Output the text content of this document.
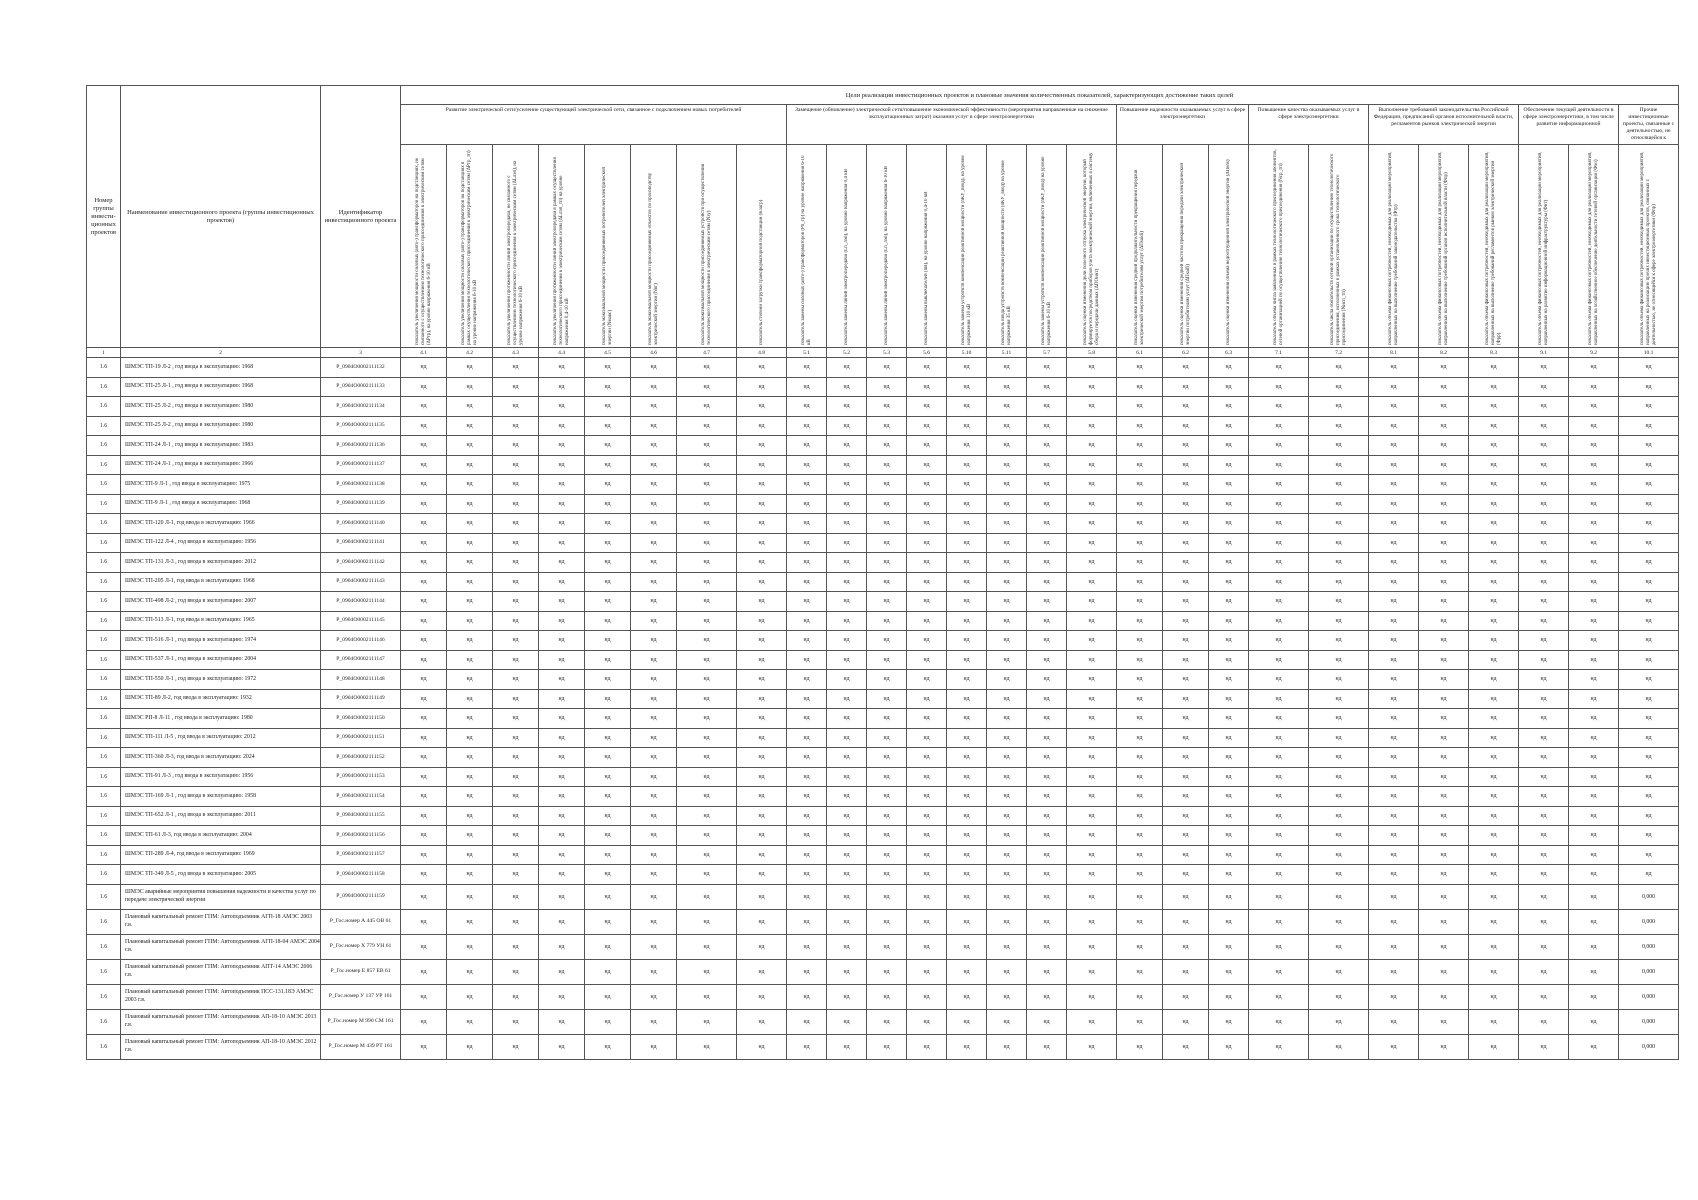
Номер группы инвести-ционных проектов	Наименование инвестиционного проекта (группы инвестиционных проектов)	Идентификатор инвестиционного проекта	Цели реализации инвестиционных проектов и плановые значения количественных показателей, характеризующих достижение таких целей																										
			Развитие электрической сети/усиление существующей электрической сети, связанное с подключением новых потребителей								Замещение (обновление) электрической сети/повышение экономической эффективности (мероприятия направленные на снижение эксплуатационных затрат) оказания услуг в сфере электроэнергетики								Повышение надежности оказываемых услуг в сфере электроэнергетики			Повышение качества оказываемых услуг в сфере электроэнергетики		Выполнение требований законодательства Российской Федерации, предписаний органов исполнительной власти, регламентов рынков электрической энергии			Обеспечение текущей деятельности в сфере электроэнергетики, в том числе развитие информационной		Прочие инвестиционные проекты, связанные с деятельностью, не относящейся к

			показатель увеличения мощности силовых (авто-) трансформаторов на подстанциях, не связанного с осуществлением технологического присоединения к электрическим сетям (ΔPтр), на уровне напряжения 6-10 кВ	показатель увеличения мощности силовых (авто-) трансформаторов на подстанциях в рамках осуществления технологического присоединения к электрическим сетям (ΔPтр_тп) на уровне напряжения 6-10 кВ	показатель увеличения протяженности линий электропередачи, не связанного с осуществлением технологического присоединения к электрическим сетям (ΔLлэп), на уровне напряжения 6-10 кВ	показатель увеличения протяженности линий электропередачи в рамках осуществления технологического присоединения к электрическим сетям (ΔLлэп_тп) на уровне напряжения 0,4-10 кВ	показатель максимальной мощности присоединяемых потребителей электрической энергии (Nмакс)	показатель максимальной мощности присоединяемых объектов по производству электрической энергии (Nвг)	показатель максимальной мощности присоединяемых устройств при осуществлении технологического присоединения к электрическим сетям (Nзу)	показатель степени загрузки трансформаторной подстанции (Kзагр)	показатель замены силовых (авто-) трансформаторов (Pn_тр) на уровне напряжения 6-10 кВ	показатель замены линий электропередачи (Ln_лэп), на уровне напряжения 0,4 кВ	показатель замены линий электропередачи (Ln_лэп), на уровне напряжения 6-10 кВ	показатель замены выключателей (nВ), на уровне напряжения 0,4-10 кВ	показатель замены устройств компенсации реактивной мощности (nКУ_ввод), на уровне напряжения 110 кВ	показатель ввода устройств компенсации реактивной мощности (nКУ_ввод) на уровне напряжения 35 кВ	показатель замены устройств компенсации реактивной мощности (nКУ_ввод) на уровне напряжения 6-10 кВ	показатель оценки изменения доли полезного отпуска электрической энергии, который формируется посредством приборов учета электрической энергии, включенных в систему сбора и передачи данных (ΔПОинт)	показатель оценки изменения средней продолжительности прекращения передачи электрической энергии потребителям услуг (ΔПsaidi)	показатель оценки изменения средней частоты прекращения передачи электрической энергии потребителям услуг (ΔПsaifi)	показатель оценки изменения объема недоотпущенной электрической энергии (ΔПens)	показатель объема числа заявленных в рамках технологического присоединения абонентов, сетевой организацией по осуществлению технологического присоединения (Nср_тп)	показатель числа обязательств сетевой организации по осуществлению технологического присоединения, исполненных в рамках установленного срока технологического присоединения (Nисп_тп)	показатель объема финансовых потребностей, необходимых для реализации мероприятий, направленных на выполнение требований законодательства (Фтр)	показатель объема финансовых потребностей, необходимых для реализации мероприятий, направленных на выполнение требований органов исполнительной власти (Фпр)	показатель объема финансовых потребностей, необходимых для реализации мероприятий, направленных на выполнение требований регламентов рынков электрической энергии (Фрр)	показатель объема финансовых потребностей, необходимых для реализации мероприятий, направленных на развитие информационной инфраструктуры (Фит)	показатель объема финансовых потребностей, необходимых для реализации мероприятий, направленных на хозяйственное обеспечение деятельности сетевой организации (Фхо)	показатель объема финансовых потребностей, необходимых для реализации мероприятий, направленных на реализацию прочих инвестиционных проектов, связанных с деятельностью, не относящейся к сфере электроэнергетики (Фпр)

1	2	3	4.1	4.2	4.3	4.4	4.5	4.6	4.7	4.8	5.1	5.2	5.3	5.6	5.10	5.11	5.7	5.8	6.1	6.2	6.3	7.1	7.2	8.1	8.2	8.3	9.1	9.2	10.1
1.6	ШМЭС ТП-19 Л-2 , год ввода в эксплуатацию: 1968	P_0904O0002111132	нд	нд	нд	нд	нд	нд	нд	нд	нд	нд	нд	нд	нд	нд	нд	нд	нд	нд	нд	нд	нд	нд	нд	нд	нд	нд	нд
1.6	ШМЭС ТП-25 Л-1 , год ввода в эксплуатацию: 1968	P_0904O0002111133	нд	нд	нд	нд	нд	нд	нд	нд	нд	нд	нд	нд	нд	нд	нд	нд	нд	нд	нд	нд	нд	нд	нд	нд	нд	нд	нд
1.6	ШМЭС ТП-25 Л-2 , год ввода в эксплуатацию: 1980	P_0904O0002111134	нд	нд	нд	нд	нд	нд	нд	нд	нд	нд	нд	нд	нд	нд	нд	нд	нд	нд	нд	нд	нд	нд	нд	нд	нд	нд	нд
1.6	ШМЭС ТП-25 Л-2 , год ввода в эксплуатацию: 1980	P_0904O0002111135	нд	нд	нд	нд	нд	нд	нд	нд	нд	нд	нд	нд	нд	нд	нд	нд	нд	нд	нд	нд	нд	нд	нд	нд	нд	нд	нд
1.6	ШМЭС ТП-24 Л-1 , год ввода в эксплуатацию: 1983	P_0904O0002111136	нд	нд	нд	нд	нд	нд	нд	нд	нд	нд	нд	нд	нд	нд	нд	нд	нд	нд	нд	нд	нд	нд	нд	нд	нд	нд	нд
1.6	ШМЭС ТП-24 Л-1 , год ввода в эксплуатацию: 1966	P_0904O0002111137	нд	нд	нд	нд	нд	нд	нд	нд	нд	нд	нд	нд	нд	нд	нд	нд	нд	нд	нд	нд	нд	нд	нд	нд	нд	нд	нд
1.6	ШМЭС ТП-9 Л-1 , год ввода в эксплуатацию: 1975	P_0904O0002111138	нд	нд	нд	нд	нд	нд	нд	нд	нд	нд	нд	нд	нд	нд	нд	нд	нд	нд	нд	нд	нд	нд	нд	нд	нд	нд	нд
1.6	ШМЭС ТП-9 Л-1 , год ввода в эксплуатацию: 1968	P_0904O0002111139	нд	нд	нд	нд	нд	нд	нд	нд	нд	нд	нд	нд	нд	нд	нд	нд	нд	нд	нд	нд	нд	нд	нд	нд	нд	нд	нд
1.6	ШМЭС ТП-120 Л-1, год ввода в эксплуатацию: 1966	P_0904O0002111140	нд	нд	нд	нд	нд	нд	нд	нд	нд	нд	нд	нд	нд	нд	нд	нд	нд	нд	нд	нд	нд	нд	нд	нд	нд	нд	нд
1.6	ШМЭС ТП-122 Л-4 , год ввода в эксплуатацию: 1956	P_0904O0002111141	нд	нд	нд	нд	нд	нд	нд	нд	нд	нд	нд	нд	нд	нд	нд	нд	нд	нд	нд	нд	нд	нд	нд	нд	нд	нд	нд
1.6	ШМЭС ТП-131 Л-3 , год ввода в эксплуатацию: 2012	P_0904O0002111142	нд	нд	нд	нд	нд	нд	нд	нд	нд	нд	нд	нд	нд	нд	нд	нд	нд	нд	нд	нд	нд	нд	нд	нд	нд	нд	нд
1.6	ШМЭС ТП-205 Л-1, год ввода в эксплуатацию: 1968	P_0904O0002111143	нд	нд	нд	нд	нд	нд	нд	нд	нд	нд	нд	нд	нд	нд	нд	нд	нд	нд	нд	нд	нд	нд	нд	нд	нд	нд	нд
1.6	ШМЭС ТП-498 Л-2 , год ввода в эксплуатацию: 2007	P_0904O0002111144	нд	нд	нд	нд	нд	нд	нд	нд	нд	нд	нд	нд	нд	нд	нд	нд	нд	нд	нд	нд	нд	нд	нд	нд	нд	нд	нд
1.6	ШМЭС ТП-513 Л-1, год ввода в эксплуатацию: 1965	P_0904O0002111145	нд	нд	нд	нд	нд	нд	нд	нд	нд	нд	нд	нд	нд	нд	нд	нд	нд	нд	нд	нд	нд	нд	нд	нд	нд	нд	нд
1.6	ШМЭС ТП-516 Л-1 , год ввода в эксплуатацию: 1974	P_0904O0002111146	нд	нд	нд	нд	нд	нд	нд	нд	нд	нд	нд	нд	нд	нд	нд	нд	нд	нд	нд	нд	нд	нд	нд	нд	нд	нд	нд
1.6	ШМЭС ТП-537 Л-1 , год ввода в эксплуатацию: 2004	P_0904O0002111147	нд	нд	нд	нд	нд	нд	нд	нд	нд	нд	нд	нд	нд	нд	нд	нд	нд	нд	нд	нд	нд	нд	нд	нд	нд	нд	нд
1.6	ШМЭС ТП-550 Л-1 , год ввода в эксплуатацию: 1972	P_0904O0002111148	нд	нд	нд	нд	нд	нд	нд	нд	нд	нд	нд	нд	нд	нд	нд	нд	нд	нд	нд	нд	нд	нд	нд	нд	нд	нд	нд
1.6	ШМЭС ТП-89 Л-2, год ввода в эксплуатацию: 1932	P_0904O0002111149	нд	нд	нд	нд	нд	нд	нд	нд	нд	нд	нд	нд	нд	нд	нд	нд	нд	нд	нд	нд	нд	нд	нд	нд	нд	нд	нд
1.6	ШМЭС РП-8 Л-11 , год ввода в эксплуатацию: 1980	P_0904O0002111150	нд	нд	нд	нд	нд	нд	нд	нд	нд	нд	нд	нд	нд	нд	нд	нд	нд	нд	нд	нд	нд	нд	нд	нд	нд	нд	нд
1.6	ШМЭС ТП-111 Л-5 , год ввода в эксплуатацию: 2012	P_0904O0002111151	нд	нд	нд	нд	нд	нд	нд	нд	нд	нд	нд	нд	нд	нд	нд	нд	нд	нд	нд	нд	нд	нд	нд	нд	нд	нд	нд
1.6	ШМЭС ТП-360 Л-3, год ввода в эксплуатацию: 2024	P_0904O0002111152	нд	нд	нд	нд	нд	нд	нд	нд	нд	нд	нд	нд	нд	нд	нд	нд	нд	нд	нд	нд	нд	нд	нд	нд	нд	нд	нд
1.6	ШМЭС ТП-91 Л-3 , год ввода в эксплуатацию: 1956	P_0904O0002111153	нд	нд	нд	нд	нд	нд	нд	нд	нд	нд	нд	нд	нд	нд	нд	нд	нд	нд	нд	нд	нд	нд	нд	нд	нд	нд	нд
1.6	ШМЭС ТП-169 Л-1 , год ввода в эксплуатацию: 1958	P_0904O0002111154	нд	нд	нд	нд	нд	нд	нд	нд	нд	нд	нд	нд	нд	нд	нд	нд	нд	нд	нд	нд	нд	нд	нд	нд	нд	нд	нд
1.6	ШМЭС ТП-652 Л-1 , год ввода в эксплуатацию: 2011	P_0904O0002111155	нд	нд	нд	нд	нд	нд	нд	нд	нд	нд	нд	нд	нд	нд	нд	нд	нд	нд	нд	нд	нд	нд	нд	нд	нд	нд	нд
1.6	ШМЭС ТП-61 Л-3, год ввода в эксплуатацию: 2004	P_0904O0002111156	нд	нд	нд	нд	нд	нд	нд	нд	нд	нд	нд	нд	нд	нд	нд	нд	нд	нд	нд	нд	нд	нд	нд	нд	нд	нд	нд
1.6	ШМЭС ТП-289 Л-4, год ввода в эксплуатацию: 1969	P_0904O0002111157	нд	нд	нд	нд	нд	нд	нд	нд	нд	нд	нд	нд	нд	нд	нд	нд	нд	нд	нд	нд	нд	нд	нд	нд	нд	нд	нд
1.6	ШМЭС ТП-349 Л-5 , год ввода в эксплуатацию: 2005	P_0904O0002111158	нд	нд	нд	нд	нд	нд	нд	нд	нд	нд	нд	нд	нд	нд	нд	нд	нд	нд	нд	нд	нд	нд	нд	нд	нд	нд	нд
1.6	ШМЭС аварийные мероприятия повышения надежности и качества услуг по передаче электрической энергии	P_0904O0002111159	нд	нд	нд	нд	нд	нд	нд	нд	нд	нд	нд	нд	нд	нд	нд	нд	нд	нд	нд	нд	нд	нд	нд	нд	нд	нд	0,000
1.6	Плановый капитальный ремонт ГПМ: Автоподъемник АГП-18 АМЭС 2003 г.в.	P_Гос.номер А 445 ОВ 61	нд	нд	нд	нд	нд	нд	нд	нд	нд	нд	нд	нд	нд	нд	нд	нд	нд	нд	нд	нд	нд	нд	нд	нд	нд	нд	0,000
1.6	Плановый капитальный ремонт ГПМ: Автоподъемник АГП-18-04 АМЭС 2004 г.в.	P_Гос.номер Х 779 УН 61	нд	нд	нд	нд	нд	нд	нд	нд	нд	нд	нд	нд	нд	нд	нд	нд	нд	нд	нд	нд	нд	нд	нд	нд	нд	нд	0,000
1.6	Плановый капитальный ремонт ГПМ: Автоподъемник АПТ-14 АМЭС 2006 г.в.	P_Гос.номер Е 857 ЕВ 61	нд	нд	нд	нд	нд	нд	нд	нд	нд	нд	нд	нд	нд	нд	нд	нд	нд	нд	нд	нд	нд	нд	нд	нд	нд	нд	0,000
1.6	Плановый капитальный ремонт ГПМ: Автоподъемник ПСС-131.18Э АМЭС 2003 г.в.	P_Гос.номер У 137 УР 161	нд	нд	нд	нд	нд	нд	нд	нд	нд	нд	нд	нд	нд	нд	нд	нд	нд	нд	нд	нд	нд	нд	нд	нд	нд	нд	0,000
1.6	Плановый капитальный ремонт ГПМ: Автоподъемник АП-18-10 АМЭС 2013 г.в.	P_Гос.номер М 990 СМ 161	нд	нд	нд	нд	нд	нд	нд	нд	нд	нд	нд	нд	нд	нд	нд	нд	нд	нд	нд	нд	нд	нд	нд	нд	нд	нд	0,000
1.6	Плановый капитальный ремонт ГПМ: Автоподъемник АП-18-10 АМЭС 2012 г.в.	P_Гос.номер М 439 РТ 161	нд	нд	нд	нд	нд	нд	нд	нд	нд	нд	нд	нд	нд	нд	нд	нд	нд	нд	нд	нд	нд	нд	нд	нд	нд	нд	0,000
